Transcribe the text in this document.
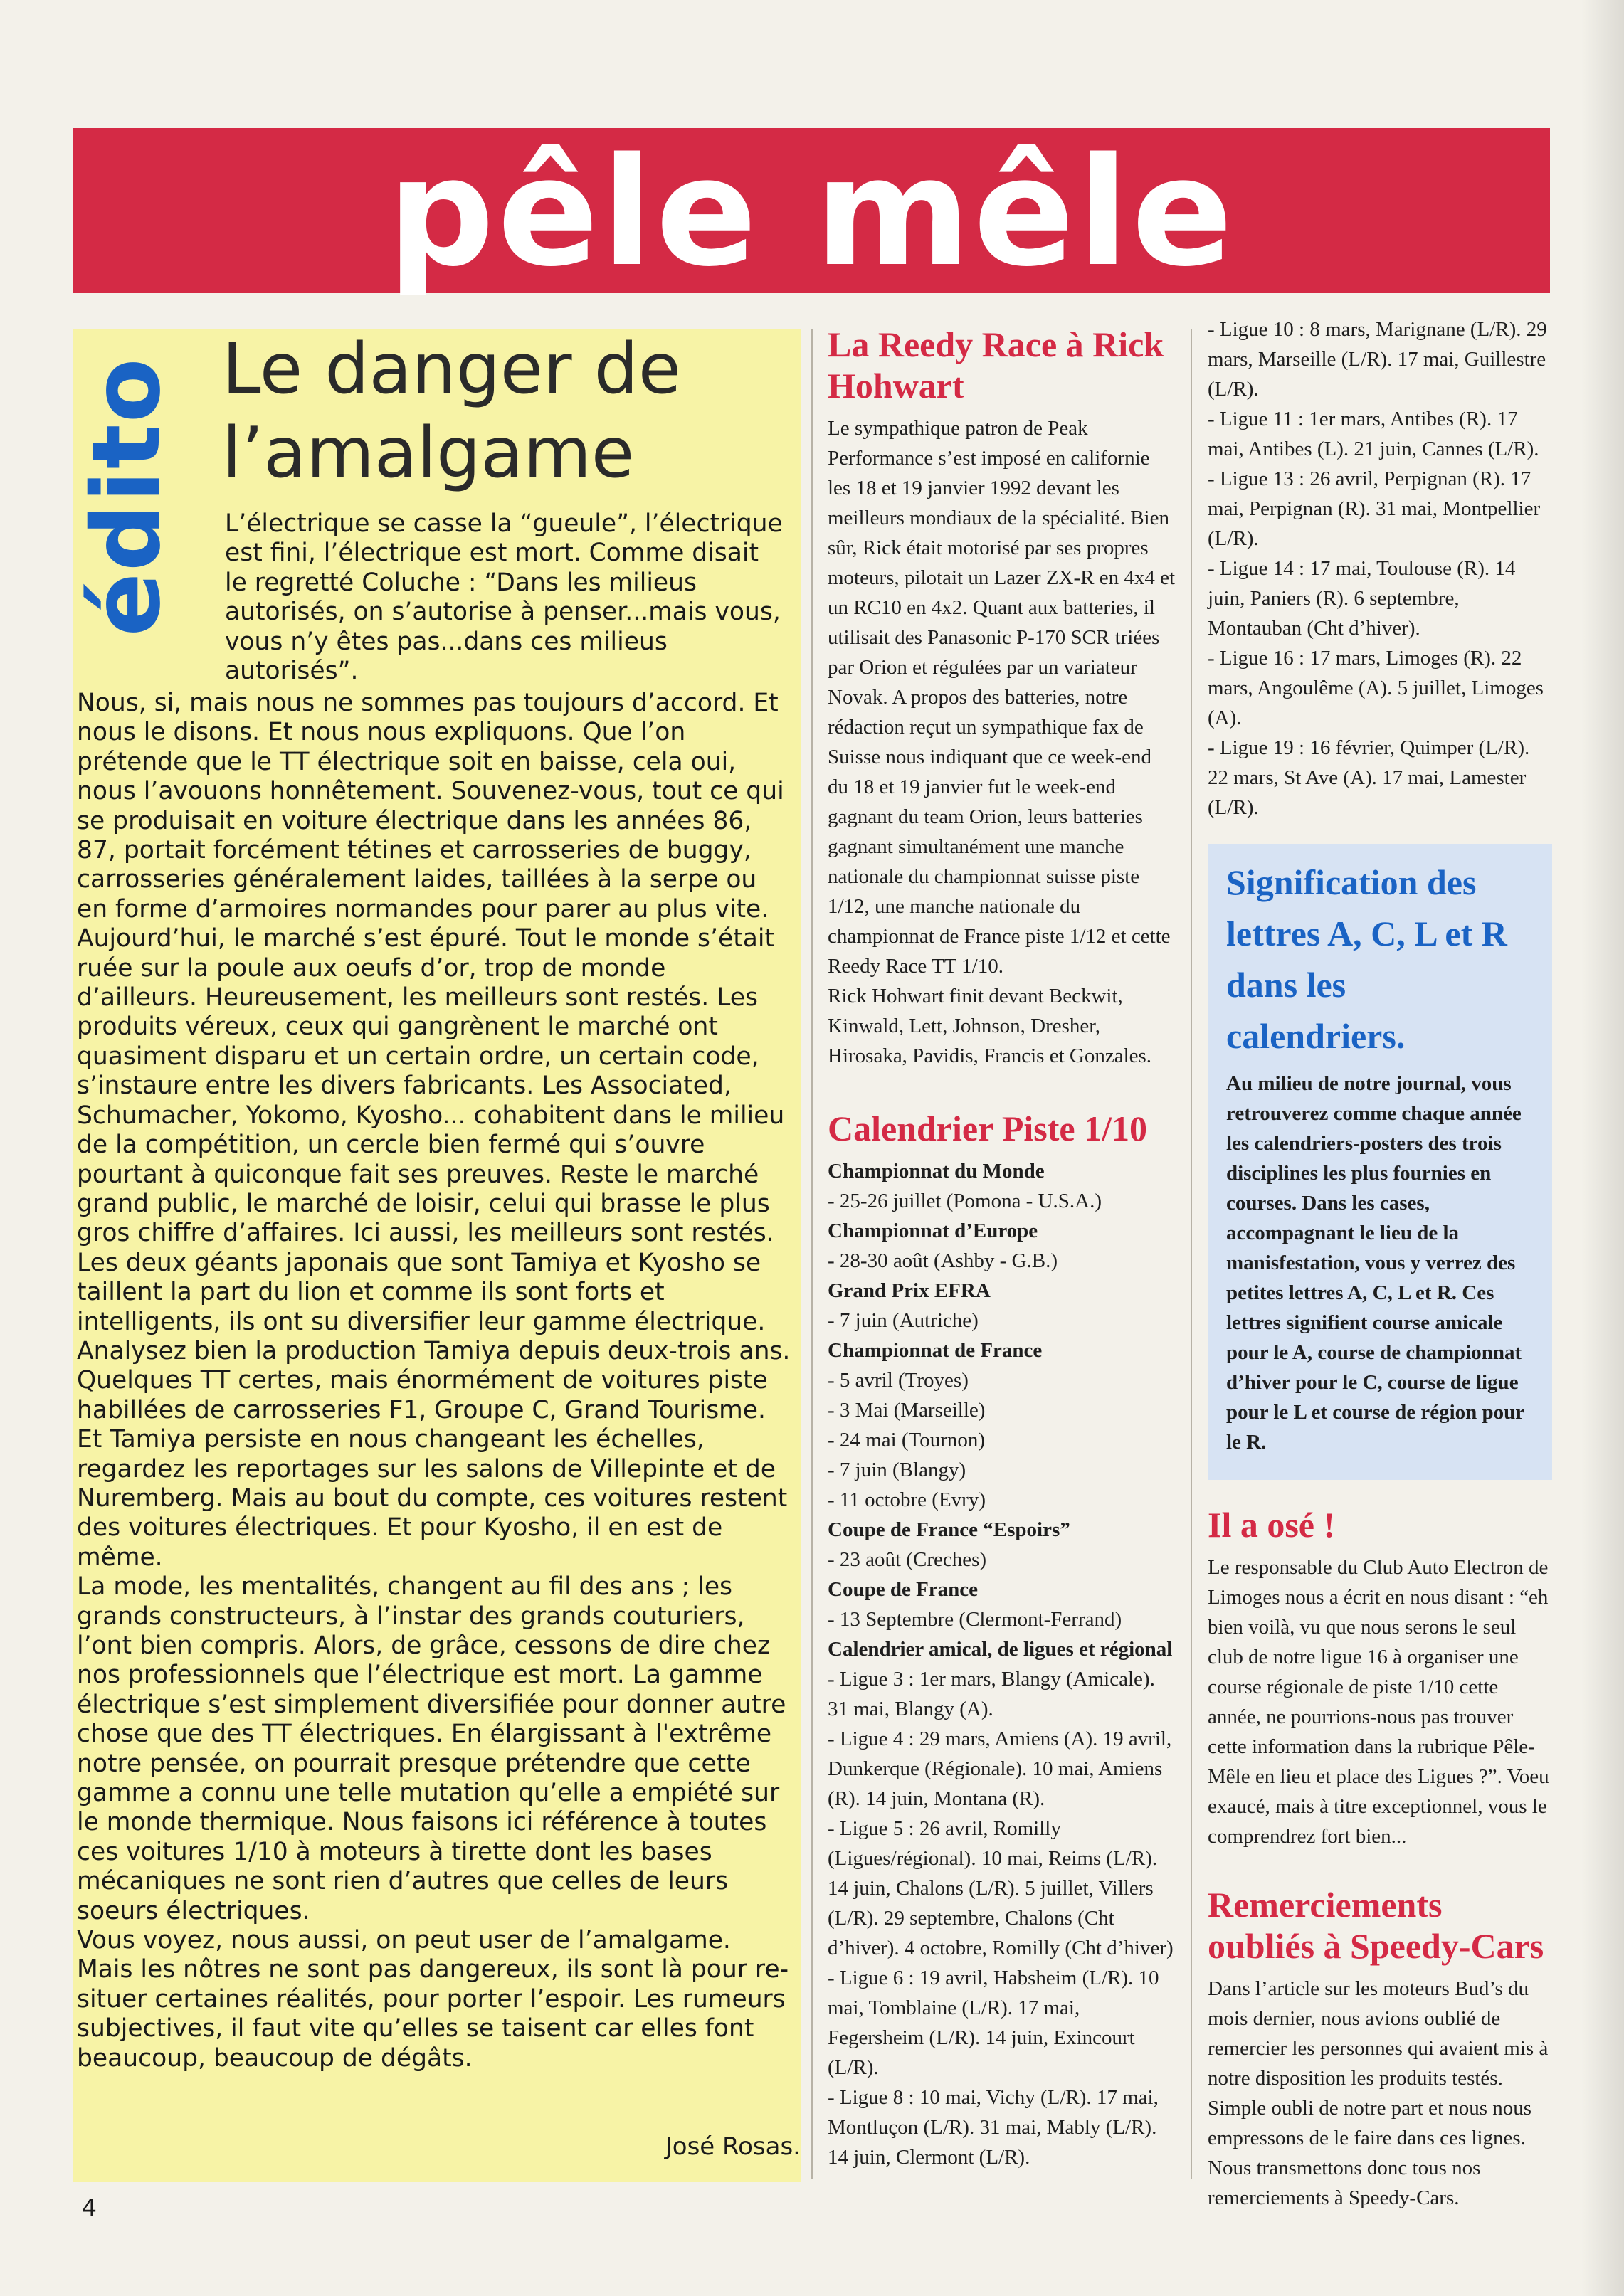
pêle mêle
édito Le danger de l’amalgame

L’électrique se casse la “gueule”, l’électrique est fini, l’électrique est mort. Comme disait le regretté Coluche : “Dans les milieus autorisés, on s’autorise à penser...mais vous, vous n’y êtes pas...dans ces milieus autorisés”.

Nous, si, mais nous ne sommes pas toujours d’accord. Et nous le disons. Et nous nous expliquons. Que l’on prétende que le TT électrique soit en baisse, cela oui, nous l’avouons honnêtement. Souvenez-vous, tout ce qui se produisait en voiture électrique dans les années 86, 87, portait forcément tétines et carrosseries de buggy, carrosseries généralement laides, taillées à la serpe ou en forme d’armoires normandes pour parer au plus vite. Aujourd’hui, le marché s’est épuré. Tout le monde s’était ruée sur la poule aux oeufs d’or, trop de monde d’ailleurs. Heureusement, les meilleurs sont restés. Les produits véreux, ceux qui gangrènent le marché ont quasiment disparu et un certain ordre, un certain code, s’instaure entre les divers fabricants. Les Associated, Schumacher, Yokomo, Kyosho... cohabitent dans le milieu de la compétition, un cercle bien fermé qui s’ouvre pourtant à quiconque fait ses preuves. Reste le marché grand public, le marché de loisir, celui qui brasse le plus gros chiffre d’affaires. Ici aussi, les meilleurs sont restés. Les deux géants japonais que sont Tamiya et Kyosho se taillent la part du lion et comme ils sont forts et intelligents, ils ont su diversifier leur gamme électrique. Analysez bien la production Tamiya depuis deux-trois ans. Quelques TT certes, mais énormément de voitures piste habillées de carrosseries F1, Groupe C, Grand Tourisme. Et Tamiya persiste en nous changeant les échelles, regardez les reportages sur les salons de Villepinte et de Nuremberg. Mais au bout du compte, ces voitures restent des voitures électriques. Et pour Kyosho, il en est de même.

La mode, les mentalités, changent au fil des ans ; les grands constructeurs, à l’instar des grands couturiers, l’ont bien compris. Alors, de grâce, cessons de dire chez nos professionnels que l’électrique est mort. La gamme électrique s’est simplement diversifiée pour donner autre chose que des TT électriques. En élargissant à l'extrême notre pensée, on pourrait presque prétendre que cette gamme a connu une telle mutation qu’elle a empiété sur le monde thermique. Nous faisons ici référence à toutes ces voitures 1/10 à moteurs à tirette dont les bases mécaniques ne sont rien d’autres que celles de leurs soeurs électriques.

Vous voyez, nous aussi, on peut user de l’amalgame. Mais les nôtres ne sont pas dangereux, ils sont là pour re-situer certaines réalités, pour porter l’espoir. Les rumeurs subjectives, il faut vite qu’elles se taisent car elles font beaucoup, beaucoup de dégâts.

José Rosas.
La Reedy Race à Rick Hohwart

Le sympathique patron de Peak Performance s’est imposé en californie les 18 et 19 janvier 1992 devant les meilleurs mondiaux de la spécialité. Bien sûr, Rick était motorisé par ses propres moteurs, pilotait un Lazer ZX-R en 4x4 et un RC10 en 4x2. Quant aux batteries, il utilisait des Panasonic P-170 SCR triées par Orion et régulées par un variateur Novak. A propos des batteries, notre rédaction reçut un sympathique fax de Suisse nous indiquant que ce week-end du 18 et 19 janvier fut le week-end gagnant du team Orion, leurs batteries gagnant simultanément une manche nationale du championnat suisse piste 1/12, une manche nationale du championnat de France piste 1/12 et cette Reedy Race TT 1/10.

Rick Hohwart finit devant Beckwit, Kinwald, Lett, Johnson, Dresher, Hirosaka, Pavidis, Francis et Gonzales.

Calendrier Piste 1/10

Championnat du Monde

- 25-26 juillet (Pomona - U.S.A.)

Championnat d’Europe

- 28-30 août (Ashby - G.B.)

Grand Prix EFRA

- 7 juin (Autriche)

Championnat de France

- 5 avril (Troyes)

- 3 Mai (Marseille)

- 24 mai (Tournon)

- 7 juin (Blangy)

- 11 octobre (Evry)

Coupe de France “Espoirs”

- 23 août (Creches)

Coupe de France

- 13 Septembre (Clermont-Ferrand)

Calendrier amical, de ligues et régional

- Ligue 3 : 1er mars, Blangy (Amicale). 31 mai, Blangy (A).

- Ligue 4 : 29 mars, Amiens (A). 19 avril, Dunkerque (Régionale). 10 mai, Amiens (R). 14 juin, Montana (R).

- Ligue 5 : 26 avril, Romilly (Ligues/régional). 10 mai, Reims (L/R). 14 juin, Chalons (L/R). 5 juillet, Villers (L/R). 29 septembre, Chalons (Cht d’hiver). 4 octobre, Romilly (Cht d’hiver)

- Ligue 6 : 19 avril, Habsheim (L/R). 10 mai, Tomblaine (L/R). 17 mai, Fegersheim (L/R). 14 juin, Exincourt (L/R).

- Ligue 8 : 10 mai, Vichy (L/R). 17 mai, Montluçon (L/R). 31 mai, Mably (L/R). 14 juin, Clermont (L/R).

- Ligue 10 : 8 mars, Marignane (L/R). 29 mars, Marseille (L/R). 17 mai, Guillestre (L/R).

- Ligue 11 : 1er mars, Antibes (R). 17 mai, Antibes (L). 21 juin, Cannes (L/R).

- Ligue 13 : 26 avril, Perpignan (R). 17 mai, Perpignan (R). 31 mai, Montpellier (L/R).

- Ligue 14 : 17 mai, Toulouse (R). 14 juin, Paniers (R). 6 septembre, Montauban (Cht d’hiver).

- Ligue 16 : 17 mars, Limoges (R). 22 mars, Angoulême (A). 5 juillet, Limoges (A).

- Ligue 19 : 16 février, Quimper (L/R). 22 mars, St Ave (A). 17 mai, Lamester (L/R).

Signification des lettres A, C, L et R dans les calendriers.

Au milieu de notre journal, vous retrouverez comme chaque année les calendriers-posters des trois disciplines les plus fournies en courses. Dans les cases, accompagnant le lieu de la manisfestation, vous y verrez des petites lettres A, C, L et R. Ces lettres signifient course amicale pour le A, course de championnat d’hiver pour le C, course de ligue pour le L et course de région pour le R.

Il a osé !

Le responsable du Club Auto Electron de Limoges nous a écrit en nous disant : “eh bien voilà, vu que nous serons le seul club de notre ligue 16 à organiser une course régionale de piste 1/10 cette année, ne pourrions-nous pas trouver cette information dans la rubrique Pêle-Mêle en lieu et place des Ligues ?”. Voeu exaucé, mais à titre exceptionnel, vous le comprendrez fort bien...

Remerciements oubliés à Speedy-Cars

Dans l’article sur les moteurs Bud’s du mois dernier, nous avions oublié de remercier les personnes qui avaient mis à notre disposition les produits testés. Simple oubli de notre part et nous nous empressons de le faire dans ces lignes. Nous transmettons donc tous nos remerciements à Speedy-Cars.

4
